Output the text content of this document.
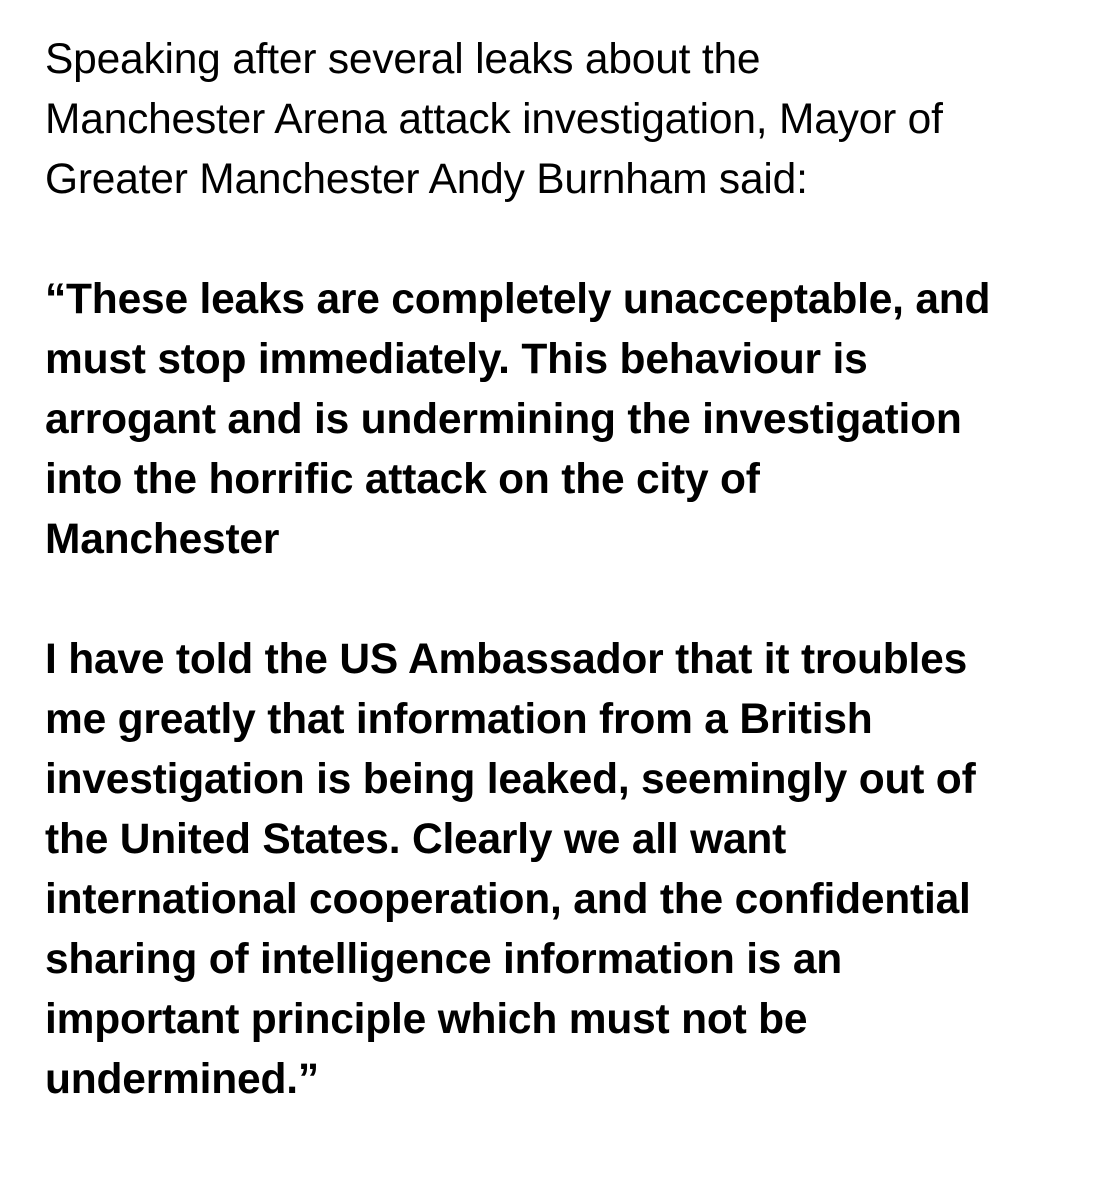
Speaking after several leaks about the
Manchester Arena attack investigation, Mayor of
Greater Manchester Andy Burnham said:

“These leaks are completely unacceptable, and
must stop immediately. This behaviour is
arrogant and is undermining the investigation
into the horrific attack on the city of
Manchester

I have told the US Ambassador that it troubles
me greatly that information from a British
investigation is being leaked, seemingly out of
the United States. Clearly we all want
international cooperation, and the confidential
sharing of intelligence information is an
important principle which must not be
undermined.”
